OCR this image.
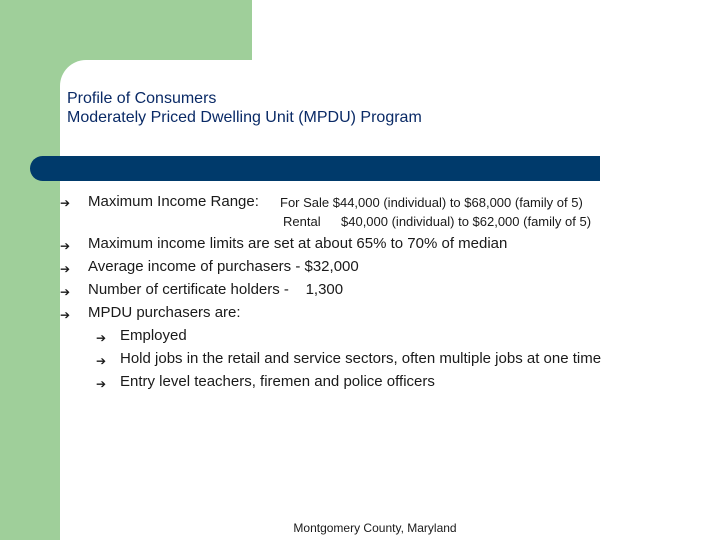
Profile of Consumers
Moderately Priced Dwelling Unit (MPDU) Program
➔ Maximum Income Range: For Sale $44,000 (individual) to $68,000 (family of 5)
Rental $40,000 (individual) to $62,000 (family of 5)
➔ Maximum income limits are set at about 65% to 70% of median
➔ Average income of purchasers - $32,000
➔ Number of certificate holders -    1,300
➔ MPDU purchasers are:
➔ Employed
➔ Hold jobs in the retail and service sectors, often multiple jobs at one time
➔ Entry level teachers, firemen and police officers
Montgomery County, Maryland
